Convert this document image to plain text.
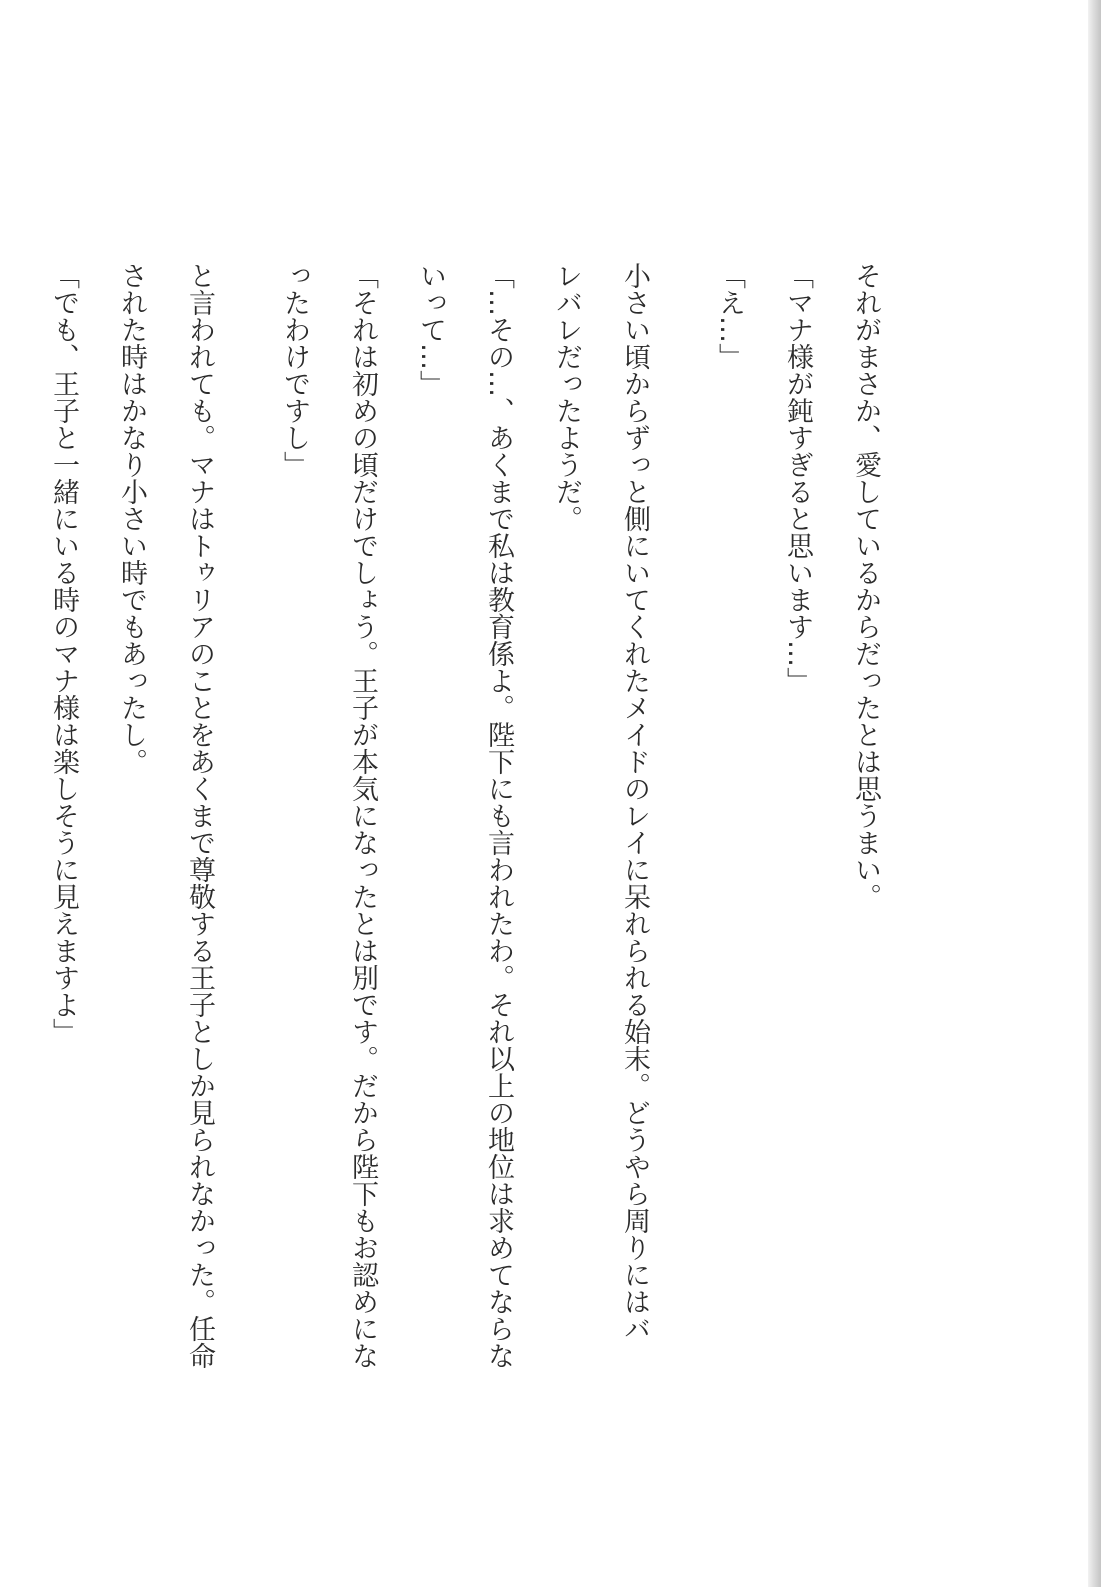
それがまさか、愛しているからだったとは思うまい。
「マナ様が鈍すぎると思います…」
「え…」
小さい頃からずっと側にいてくれたメイドのレイに呆れられる始末。どうやら周りにはバ
レバレだったようだ。
「…その…、あくまで私は教育係よ。陛下にも言われたわ。それ以上の地位は求めてならな
いって…」
「それは初めの頃だけでしょう。王子が本気になったとは別です。だから陛下もお認めにな
ったわけですし」
と言われても。マナはトゥリアのことをあくまで尊敬する王子としか見られなかった。任命
された時はかなり小さい時でもあったし。
「でも、王子と一緒にいる時のマナ様は楽しそうに見えますよ」
